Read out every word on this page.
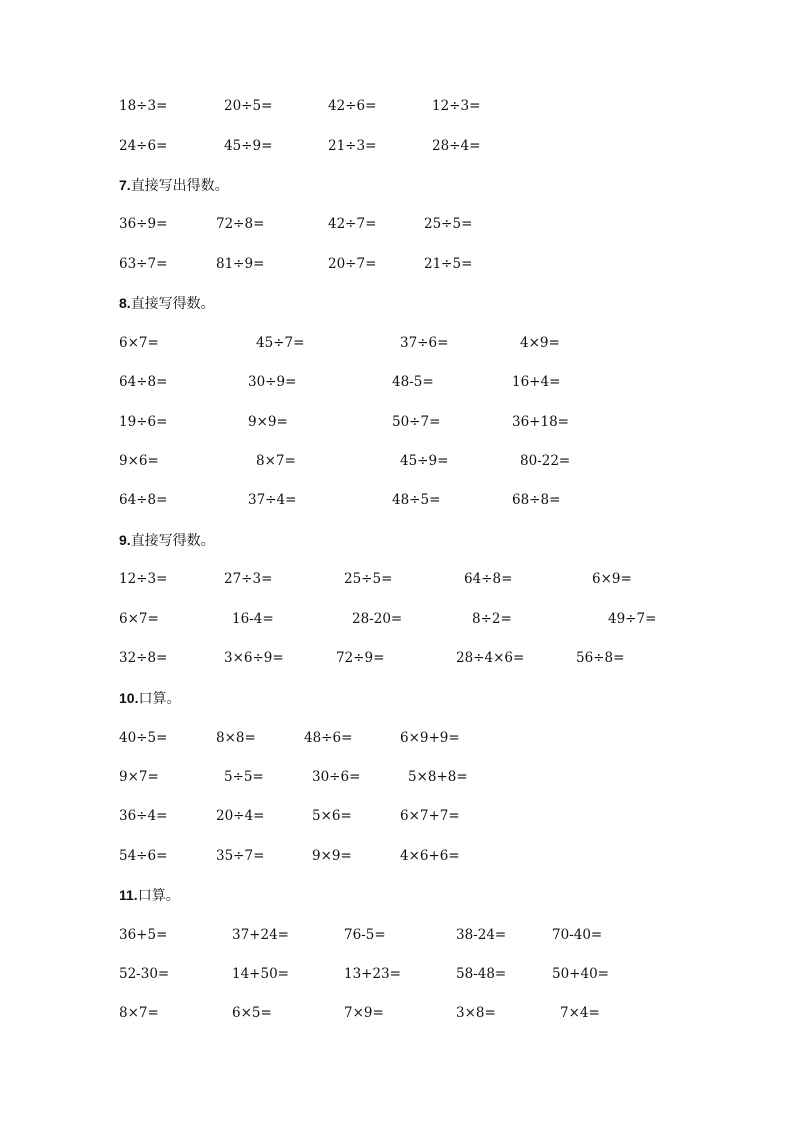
18÷3=	20÷5=	42÷6=	12÷3=
24÷6=	45÷9=	21÷3=	28÷4=
7.直接写出得数。
36÷9=	72÷8=	42÷7=	25÷5=
63÷7=	81÷9=	20÷7=	21÷5=
8.直接写得数。
6×7=	45÷7=	37÷6=	4×9=
64÷8=	30÷9=	48-5=	16+4=
19÷6=	9×9=	50÷7=	36+18=
9×6=	8×7=	45÷9=	80-22=
64÷8=	37÷4=	48÷5=	68÷8=
9.直接写得数。
12÷3=	27÷3=	25÷5=	64÷8=	6×9=
6×7=	16-4=	28-20=	8÷2=	49÷7=
32÷8=	3×6÷9=	72÷9=	28÷4×6=	56÷8=
10.口算。
40÷5=	8×8=	48÷6=	6×9+9=
9×7=	5÷5=	30÷6=	5×8+8=
36÷4=	20÷4=	5×6=	6×7+7=
54÷6=	35÷7=	9×9=	4×6+6=
11.口算。
36+5=	37+24=	76-5=	38-24=	70-40=
52-30=	14+50=	13+23=	58-48=	50+40=
8×7=	6×5=	7×9=	3×8=	7×4=
